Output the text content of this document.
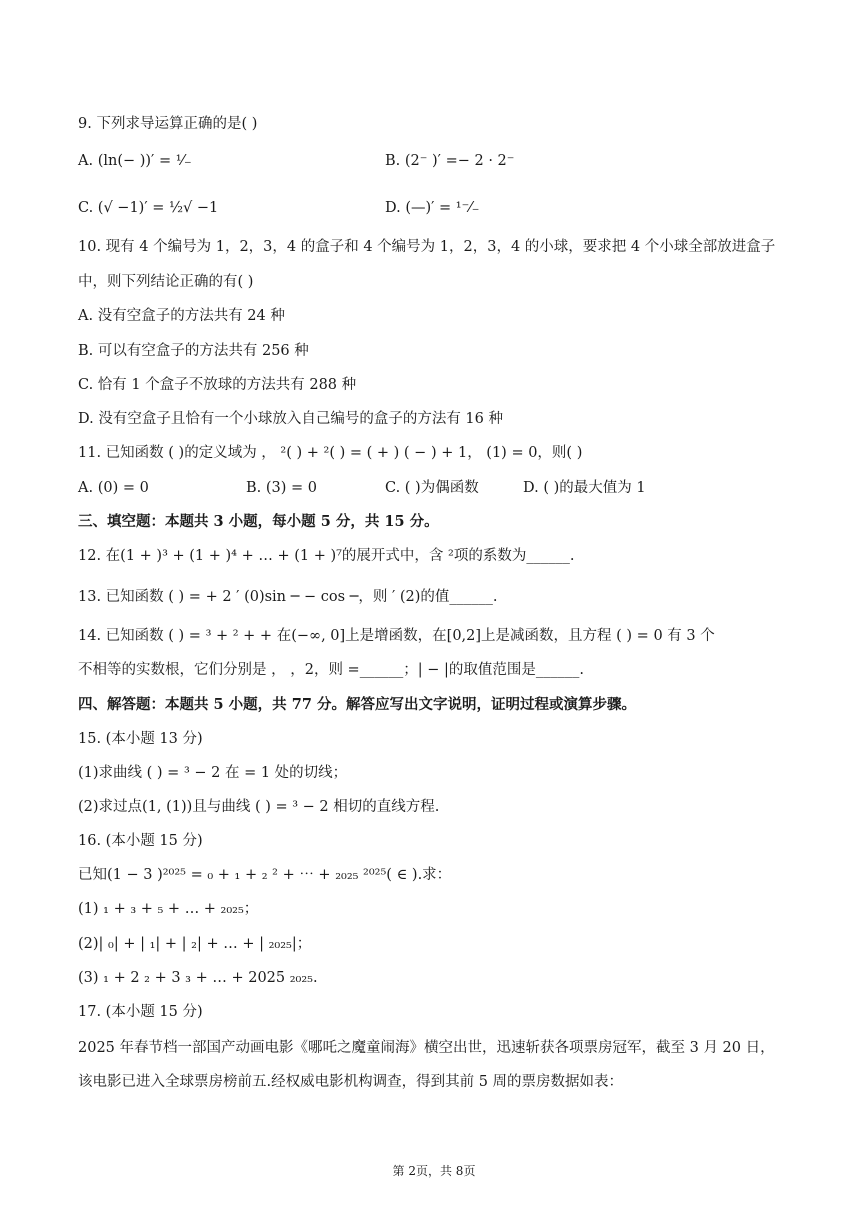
9. 下列求导运算正确的是( )
A. (ln(− ))′ = ¹⁄₋	B. (2⁻ )′ =− 2 · 2⁻
C. (√ −1)′ = ½√ −1	D. (—)′ = ¹⁻⁄₋
10. 现有 4 个编号为 1，2，3，4 的盒子和 4 个编号为 1，2，3，4 的小球，要求把 4 个小球全部放进盒子
中，则下列结论正确的有( )
A. 没有空盒子的方法共有 24 种
B. 可以有空盒子的方法共有 256 种
C. 恰有 1 个盒子不放球的方法共有 288 种
D. 没有空盒子且恰有一个小球放入自己编号的盒子的方法有 16 种
11. 已知函数 ( )的定义域为 ， ²( ) + ²( ) = ( + ) ( − ) + 1， (1) = 0，则( )
A. (0) = 0	B. (3) = 0	C. ( )为偶函数	D. ( )的最大值为 1
三、填空题：本题共 3 小题，每小题 5 分，共 15 分。
12. 在(1 + )³ + (1 + )⁴ + … + (1 + )⁷的展开式中，含 ²项的系数为______.
13. 已知函数 ( ) = + 2 ′ (0)sin ─ − cos ─，则 ′ (2)的值______.
14. 已知函数 ( ) = ³ + ² + + 在(−∞, 0]上是增函数，在[0,2]上是减函数，且方程 ( ) = 0 有 3 个
不相等的实数根，它们分别是 ， ，2，则 =______；| − |的取值范围是______.
四、解答题：本题共 5 小题，共 77 分。解答应写出文字说明，证明过程或演算步骤。
15. (本小题 13 分)
(1)求曲线 ( ) = ³ − 2 在 = 1 处的切线；
(2)求过点(1, (1))且与曲线 ( ) = ³ − 2 相切的直线方程.
16. (本小题 15 分)
已知(1 − 3 )²⁰²⁵ = ₀ + ₁ + ₂ ² + ⋯ + ₂₀₂₅ ²⁰²⁵( ∈ ).求：
(1) ₁ + ₃ + ₅ + … + ₂₀₂₅；
(2)| ₀| + | ₁| + | ₂| + … + | ₂₀₂₅|；
(3) ₁ + 2 ₂ + 3 ₃ + … + 2025 ₂₀₂₅.
17. (本小题 15 分)
2025 年春节档一部国产动画电影《哪吒之魔童闹海》横空出世，迅速斩获各项票房冠军，截至 3 月 20 日，
该电影已进入全球票房榜前五.经权威电影机构调查，得到其前 5 周的票房数据如表：
第 2页，共 8页
